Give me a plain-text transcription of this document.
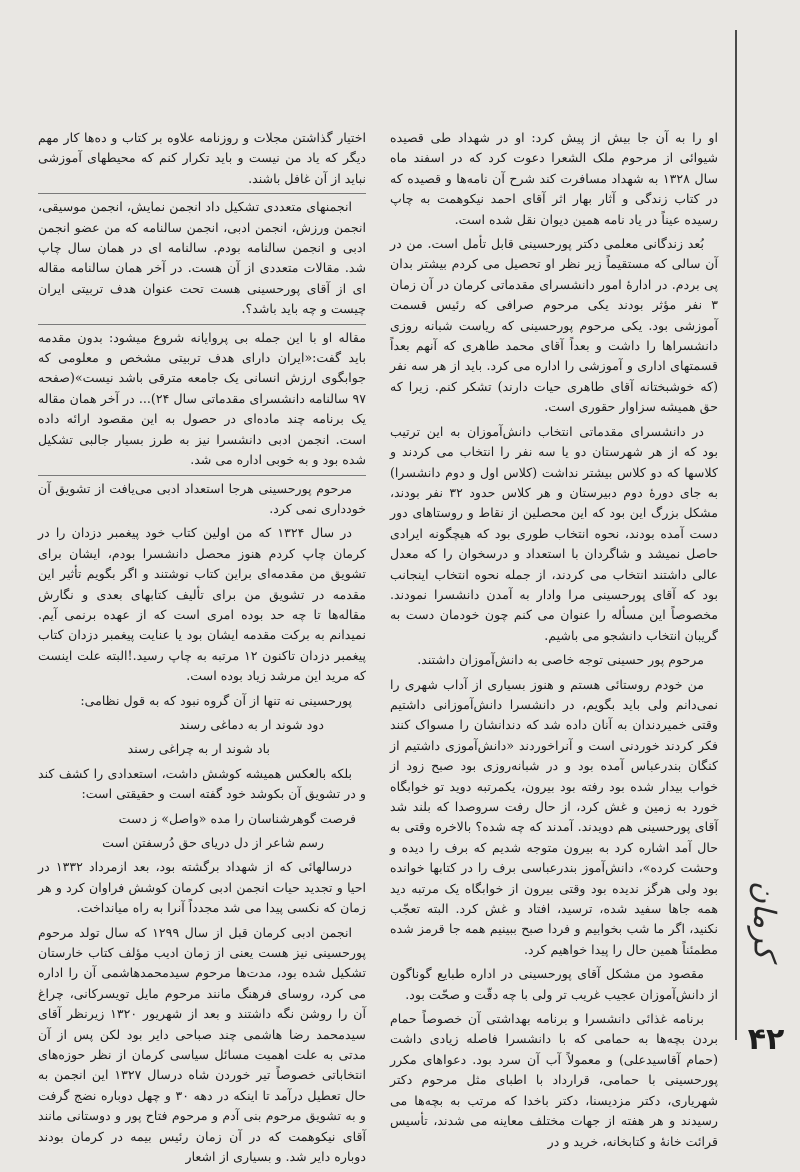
او را به آن جا بیش از پیش کرد: او در شهداد طی قصیده شیوائی از مرحوم ملک الشعرا دعوت کرد که در اسفند ماه سال ۱۳۲۸ به شهداد مسافرت کند شرح آن نامه‌ها و قصیده که در کتاب زندگی و آثار بهار اثر آقای احمد نیکوهمت به چاپ رسیده عیناً در یاد نامه همین دیوان نقل شده است.

بُعد زندگانی معلمی دکتر پورحسینی قابل تأمل است. من در آن سالی که مستقیماً زیر نظر او تحصیل می کردم بیشتر بدان پی بردم. در ادارهٔ امور دانشسرای مقدماتی کرمان در آن زمان ۳ نفر مؤثر بودند یکی مرحوم صرافی که رئیس قسمت آموزشی بود. یکی مرحوم پورحسینی که ریاست شبانه روزی دانشسراها را داشت و بعداً آقای محمد طاهری که آنهم بعداً قسمتهای اداری و آموزشی را اداره می کرد. باید از هر سه نفر (که خوشبختانه آقای طاهری حیات دارند) تشکر کنم. زیرا که حق همیشه سزاوار حقوری است.

در دانشسرای مقدماتی انتخاب دانش‌آموزان به این ترتیب بود که از هر شهرستان دو یا سه نفر را انتخاب می کردند و کلاسها که دو کلاس بیشتر نداشت (کلاس اول و دوم دانشسرا) به جای دورهٔ دوم دبیرستان و هر کلاس حدود ۳۲ نفر بودند، مشکل بزرگ این بود که این محصلین از نقاط و روستاهای دور دست آمده بودند، نحوه انتخاب طوری بود که هیچگونه ایرادی حاصل نمیشد و شاگردان با استعداد و درسخوان را که معدل عالی داشتند انتخاب می کردند، از جمله نحوه انتخاب اینجانب بود که آقای پورحسینی مرا وادار به آمدن دانشسرا نمودند. مخصوصاً این مسأله را عنوان می کنم چون خودمان دست به گریبان انتخاب دانشجو می باشیم.

مرحوم پور حسینی توجه خاصی به دانش‌آموزان داشتند.

من خودم روستائی هستم و هنوز بسیاری از آداب شهری را نمی‌دانم ولی باید بگویم، در دانشسرا دانش‌آموزانی داشتیم وقتی خمیردندان به آنان داده شد که دندانشان را مسواک کنند فکر کردند خوردنی است و آنراخوردند «دانش‌آموزی داشتیم از کنگان بندرعباس آمده بود و در شبانه‌روزی بود صبح زود از خواب بیدار شده بود رفته بود بیرون، یکمرتبه دوید تو خوابگاه خورد به زمین و غش کرد، از حال رفت سروصدا که بلند شد آقای پورحسینی هم دویدند. آمدند که چه شده؟ بالاخره وقتی به حال آمد اشاره کرد به بیرون متوجه شدیم که برف را دیده و وحشت کرده»، دانش‌آموز بندرعباسی برف را در کتابها خوانده بود ولی هرگز ندیده بود وقتی بیرون از خوابگاه یک مرتبه دید همه جاها سفید شده، ترسید، افتاد و غش کرد. البته تعجّب نکنید، اگر ما شب بخوابیم و فردا صبح ببینیم همه جا قرمز شده مطمئناً همین حال را پیدا خواهیم کرد.

مقصود من مشکل آقای پورحسینی در اداره طبایع گوناگون از دانش‌آموزان عجیب غریب تر ولی با چه دقّت و صحّت بود.

برنامه غذائی دانشسرا و برنامه بهداشتی آن خصوصاً حمام بردن بچه‌ها به حمامی که با دانشسرا فاصله زیادی داشت (حمام آقاسیدعلی) و معمولاً آب آن سرد بود. دعواهای مکرر پورحسینی با حمامی، قرارداد با اطبای مثل مرحوم دکتر شهریاری، دکتر مزدیسنا، دکتر باخدا که مرتب به بچه‌ها می رسیدند و هر هفته از جهات مختلف معاینه می شدند، تأسیس قرائت خانهٔ و کتابخانه، خرید و در

اختیار گذاشتن مجلات و روزنامه علاوه بر کتاب و ده‌ها کار مهم دیگر که یاد من نیست و باید تکرار کنم که محیطهای آموزشی نباید از آن غافل باشند.

انجمنهای متعددی تشکیل داد انجمن نمایش، انجمن موسیقی، انجمن ورزش، انجمن ادبی، انجمن سالنامه که من عضو انجمن ادبی و انجمن سالنامه بودم. سالنامه ای در همان سال چاپ شد. مقالات متعددی از آن هست. در آخر همان سالنامه مقاله ای از آقای پورحسینی هست تحت عنوان هدف تربیتی ایران چیست و چه باید باشد؟.

مقاله او با این جمله بی پروایانه شروع میشود: بدون مقدمه باید گفت:«ایران دارای هدف تربیتی مشخص و معلومی که جوابگوی ارزش انسانی یک جامعه مترقی باشد نیست»(صفحه ۹۷ سالنامه دانشسرای مقدماتی سال ۲۴)... در آخر همان مقاله یک برنامه چند ماده‌ای در حصول به این مقصود ارائه داده است. انجمن ادبی دانشسرا نیز به طرز بسیار جالبی تشکیل شده بود و به خوبی اداره می شد.

مرحوم پورحسینی هرجا استعداد ادبی می‌یافت از تشویق آن خودداری نمی کرد.

در سال ۱۳۲۴ که من اولین کتاب خود پیغمبر دزدان را در کرمان چاپ کردم هنوز محصل دانشسرا بودم، ایشان برای تشویق من مقدمه‌ای براین کتاب نوشتند و اگر بگویم تأثیر این مقدمه در تشویق من برای تألیف کتابهای بعدی و نگارش مقاله‌ها تا چه حد بوده امری است که از عهده برنمی آیم. نمیدانم به برکت مقدمه ایشان بود یا عنایت پیغمبر دزدان کتاب پیغمبر دزدان تاکنون ۱۲ مرتبه به چاپ رسید.!البته علت اینست که مرید این مرشد زیاد بوده است.

پورحسینی نه تنها از آن گروه نبود که به قول نظامی:

دود شوند ار به دماغی رسند

باد شوند ار به چراغی رسند

بلکه بالعکس همیشه کوشش داشت، استعدادی را کشف کند و در تشویق آن بکوشد خود گفته است و حقیقتی است:

فرصت گوهرشناسان را مده «واصل» ز دست

رسم شاعر از دل دریای حق دُرسفتن است

درسالهائی که از شهداد برگشته بود، بعد ازمرداد ۱۳۳۲ در احیا و تجدید حیات انجمن ادبی کرمان کوشش فراوان کرد و هر زمان که نکسی پیدا می شد مجدداً آنرا به راه میانداخت.

انجمن ادبی کرمان قبل از سال ۱۲۹۹ که سال تولد مرحوم پورحسینی نیز هست یعنی از زمان ادیب مؤلف کتاب خارستان تشکیل شده بود، مدت‌ها مرحوم سیدمحمدهاشمی آن را اداره می کرد، روسای فرهنگ مانند مرحوم مایل تویسرکانی، چراغ آن را روشن نگه داشتند و بعد از شهریور ۱۳۲۰ زیرنظر آقای سیدمحمد رضا هاشمی چند صباحی دایر بود لکن پس از آن مدتی به علت اهمیت مسائل سیاسی کرمان از نظر حوزه‌های انتخاباتی خصوصاً تیر خوردن شاه درسال ۱۳۲۷ این انجمن به حال تعطیل درآمد تا اینکه در دهه ۳۰ و چهل دوباره نضج گرفت و به تشویق مرحوم بنی آدم و مرحوم فتاح پور و دوستانی مانند آقای نیکوهمت که در آن زمان رئیس بیمه در کرمان بودند دوباره دایر شد. و بسیاری از اشعار

کرمان
۴۲
